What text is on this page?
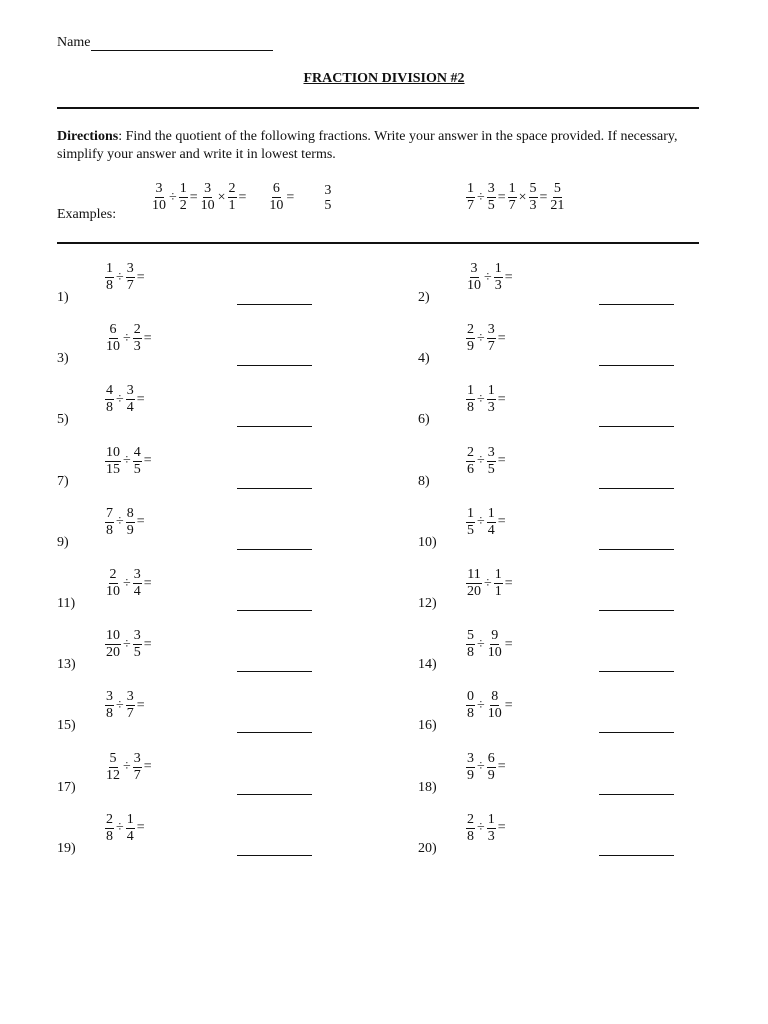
Name
FRACTION DIVISION #2
Directions: Find the quotient of the following fractions. Write your answer in the space provided. If necessary, simplify your answer and write it in lowest terms.
Examples:
$\frac{3}{10} \div \frac{1}{2} = \frac{3}{10} \times \frac{2}{1} = \frac{6}{10} = 3$
5	$\frac{1}{7} \div \frac{3}{5} = \frac{1}{7} \times \frac{5}{3} = \frac{5}{21}$
1)
$\frac{1}{8} \div \frac{3}{7}$ =
2)
$\frac{3}{10} \div \frac{1}{3}$ =
3)
$\frac{6}{10} \div \frac{2}{3}$ =
4)
$\frac{2}{9} \div \frac{3}{7}$ =
5)
$\frac{4}{8} \div \frac{3}{4}$ =
6)
$\frac{1}{8} \div \frac{1}{3}$ =
7)
$\frac{10}{15} \div \frac{4}{5}$ =
8)
$\frac{2}{6} \div \frac{3}{5}$ =
9)
$\frac{7}{8} \div \frac{8}{9}$ =
10)
$\frac{1}{5} \div \frac{1}{4}$ =
11)
$\frac{2}{10} \div \frac{3}{4}$ =
12)
$\frac{11}{20} \div \frac{1}{1}$ =
13)
$\frac{10}{20} \div \frac{3}{5}$ =
14)
$\frac{5}{8} \div \frac{9}{10}$ =
15)
$\frac{3}{8} \div \frac{3}{7}$ =
16)
$\frac{0}{8} \div \frac{8}{10}$ =
17)
$\frac{5}{12} \div \frac{3}{7}$ =
18)
$\frac{3}{9} \div \frac{6}{9}$ =
19)
$\frac{2}{8} \div \frac{1}{4}$ =
20)
$\frac{2}{8} \div \frac{1}{3}$ =
